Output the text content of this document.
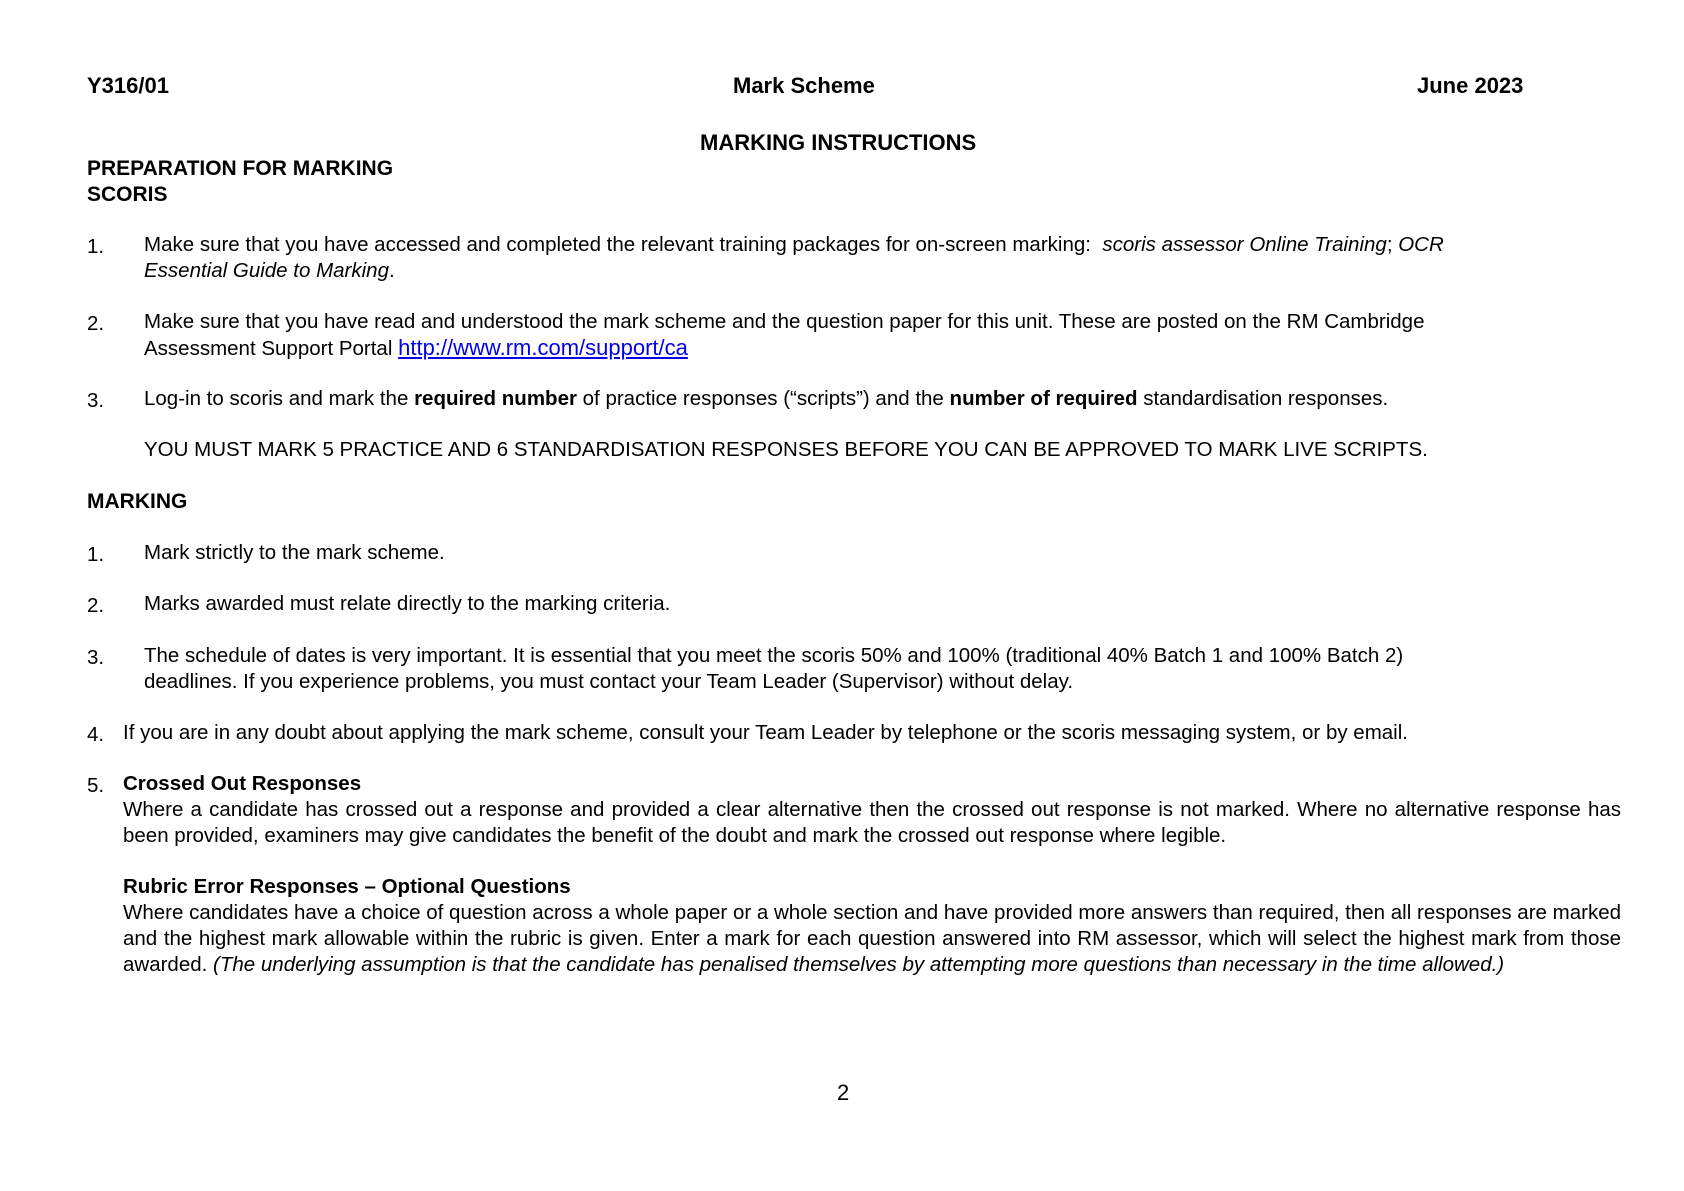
Y316/01	Mark Scheme	June 2023
MARKING INSTRUCTIONS
PREPARATION FOR MARKING
SCORIS
1. Make sure that you have accessed and completed the relevant training packages for on-screen marking: scoris assessor Online Training; OCR
Essential Guide to Marking.
2. Make sure that you have read and understood the mark scheme and the question paper for this unit. These are posted on the RM Cambridge
Assessment Support Portal http://www.rm.com/support/ca
3. Log-in to scoris and mark the required number of practice responses (“scripts”) and the number of required standardisation responses.
YOU MUST MARK 5 PRACTICE AND 6 STANDARDISATION RESPONSES BEFORE YOU CAN BE APPROVED TO MARK LIVE SCRIPTS.
MARKING
1. Mark strictly to the mark scheme.
2. Marks awarded must relate directly to the marking criteria.
3. The schedule of dates is very important. It is essential that you meet the scoris 50% and 100% (traditional 40% Batch 1 and 100% Batch 2)
deadlines. If you experience problems, you must contact your Team Leader (Supervisor) without delay.
4. If you are in any doubt about applying the mark scheme, consult your Team Leader by telephone or the scoris messaging system, or by email.
5. Crossed Out Responses
Where a candidate has crossed out a response and provided a clear alternative then the crossed out response is not marked. Where no alternative response has been provided, examiners may give candidates the benefit of the doubt and mark the crossed out response where legible.
Rubric Error Responses – Optional Questions
Where candidates have a choice of question across a whole paper or a whole section and have provided more answers than required, then all responses are marked and the highest mark allowable within the rubric is given. Enter a mark for each question answered into RM assessor, which will select the highest mark from those awarded. (The underlying assumption is that the candidate has penalised themselves by attempting more questions than necessary in the time allowed.)
2
